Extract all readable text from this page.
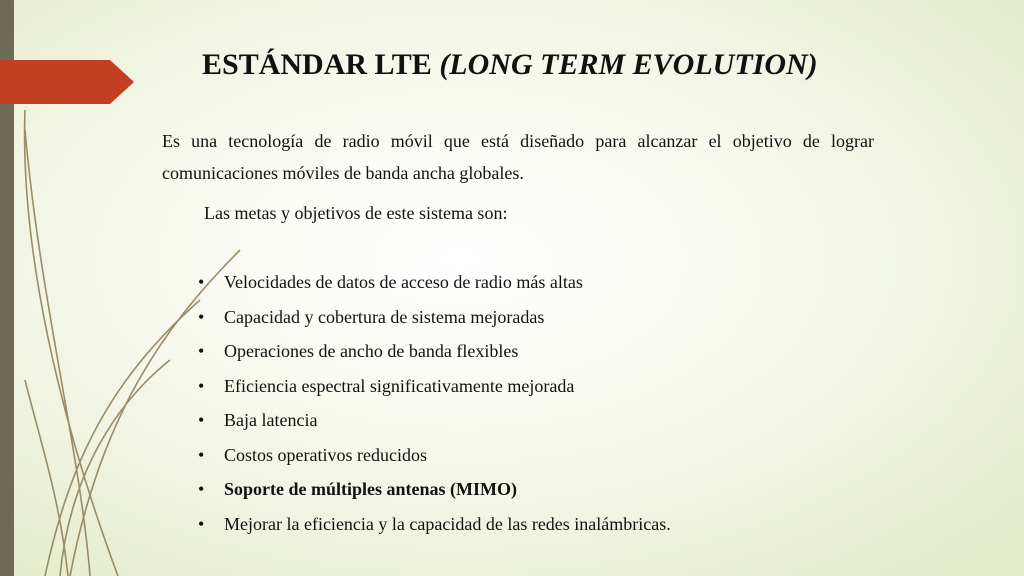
ESTÁNDAR LTE (LONG TERM EVOLUTION)
Es una tecnología de radio móvil que está diseñado para alcanzar el objetivo de lograr comunicaciones móviles de banda ancha globales.
Las metas y objetivos de este sistema son:
•	Velocidades de datos de acceso de radio más altas
•	Capacidad y cobertura de sistema mejoradas
•	Operaciones de ancho de banda flexibles
•	Eficiencia espectral significativamente mejorada
•	Baja latencia
•	Costos operativos reducidos
•	Soporte de múltiples antenas (MIMO)
•	Mejorar la eficiencia y la capacidad de las redes inalámbricas.
